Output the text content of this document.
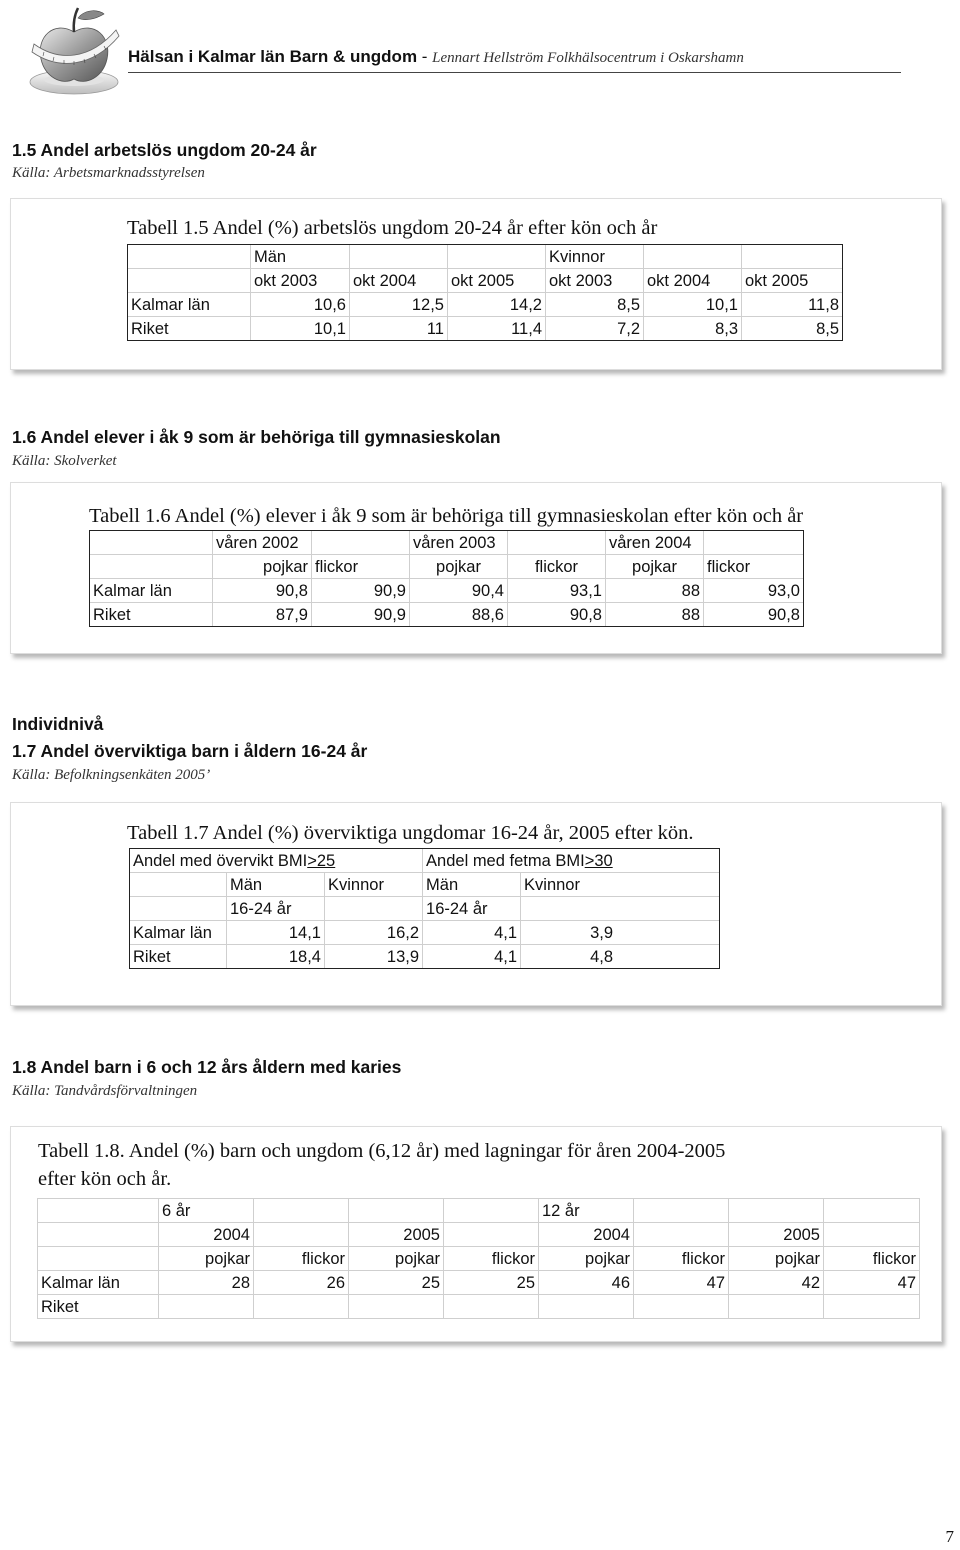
Hälsan i Kalmar län Barn & ungdom - Lennart Hellström Folkhälsocentrum i Oskarshamn
1.5 Andel arbetslös ungdom 20-24 år
Källa: Arbetsmarknadsstyrelsen
Tabell 1.5 Andel (%) arbetslös ungdom 20-24 år efter kön och år
	Män			Kvinnor		
	okt 2003	okt 2004	okt 2005	okt 2003	okt 2004	okt 2005
Kalmar län	10,6	12,5	14,2	8,5	10,1	11,8
Riket	10,1	11	11,4	7,2	8,3	8,5
1.6 Andel elever i åk 9 som är behöriga till gymnasieskolan
Källa: Skolverket
Tabell 1.6 Andel (%) elever i åk 9 som är behöriga till gymnasieskolan efter kön och år
	våren 2002		våren 2003		våren 2004	
	pojkar	flickor	pojkar	flickor	pojkar	flickor
Kalmar län	90,8	90,9	90,4	93,1	88	93,0
Riket	87,9	90,9	88,6	90,8	88	90,8
Individnivå
1.7 Andel överviktiga barn i åldern 16-24 år
Källa: Befolkningsenkäten 2005’
Tabell 1.7 Andel (%) överviktiga ungdomar 16-24 år, 2005 efter kön.
Andel med övervikt BMI>25			Andel med fetma BMI>30	
	Män	Kvinnor	Män	Kvinnor
	16-24 år		16-24 år	
Kalmar län	14,1	16,2	4,1	3,9
Riket	18,4	13,9	4,1	4,8
1.8 Andel barn i 6 och 12 års åldern med karies
Källa: Tandvårdsförvaltningen
Tabell 1.8. Andel (%) barn och ungdom (6,12 år) med lagningar för åren 2004-2005
efter kön och år.
	6 år				12 år			
	2004		2005		2004		2005	
	pojkar	flickor	pojkar	flickor	pojkar	flickor	pojkar	flickor
Kalmar län	28	26	25	25	46	47	42	47
Riket								
7
